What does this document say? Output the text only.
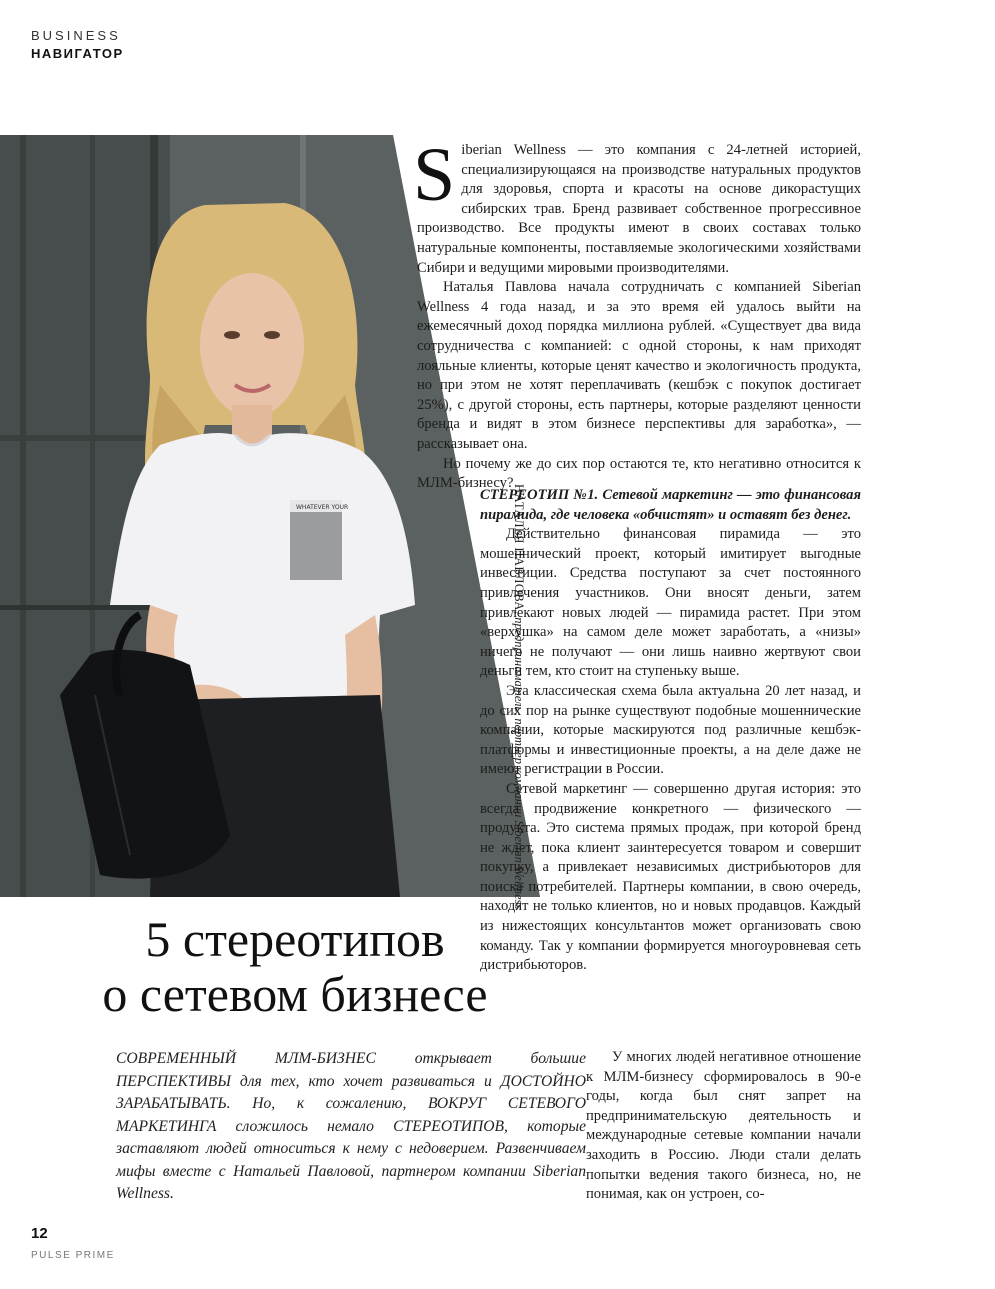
BUSINESS
НАВИГАТОР
WHATEVER YOUR	НАТАЛЬЯ ПАВЛОВА, предприниматель, партнер компании Siberian Wellness

Siberian Wellness — это компания с 24-летней историей, специализирующаяся на производстве натуральных продуктов для здоровья, спорта и красоты на основе дикорастущих сибирских трав. Бренд развивает собственное прогрессивное производство. Все продукты имеют в своих составах только натуральные компоненты, поставляемые экологическими хозяйствами Сибири и ведущими мировыми производителями.

Наталья Павлова начала сотрудничать с компанией Siberian Wellness 4 года назад, и за это время ей удалось выйти на ежемесячный доход порядка миллиона рублей. «Существует два вида сотрудничества с компанией: с одной стороны, к нам приходят лояльные клиенты, которые ценят качество и экологичность продукта, но при этом не хотят переплачивать (кешбэк с покупок достигает 25%), с другой стороны, есть партнеры, которые разделяют ценности бренда и видят в этом бизнесе перспективы для заработка», — рассказывает она.

Но почему же до сих пор остаются те, кто негативно относится к МЛМ-бизнесу?

СТЕРЕОТИП №1. Сетевой маркетинг — это финансовая пирамида, где человека «обчистят» и оставят без денег.

Действительно финансовая пирамида — это мошеннический проект, который имитирует выгодные инвестиции. Средства поступают за счет постоянного привлечения участников. Они вносят деньги, затем привлекают новых людей — пирамида растет. При этом «верхушка» на самом деле может заработать, а «низы» ничего не получают — они лишь наивно жертвуют свои деньги тем, кто стоит на ступеньку выше.

Эта классическая схема была актуальна 20 лет назад, и до сих пор на рынке существуют подобные мошеннические компании, которые маскируются под различные кешбэк-платформы и инвестиционные проекты, а на деле даже не имеют регистрации в России.

Сетевой маркетинг — совершенно другая история: это всегда продвижение конкретного — физического — продукта. Это система прямых продаж, при которой бренд не ждет, пока клиент заинтересуется товаром и совершит покупку, а привлекает независимых дистрибьюторов для поиска потребителей. Партнеры компании, в свою очередь, находят не только клиентов, но и новых продавцов. Каждый из нижестоящих консультантов может организовать свою команду. Так у компании формируется многоуровневая сеть дистрибьюторов.

У многих людей негативное отношение к МЛМ-бизнесу сформировалось в 90-е годы, когда был снят запрет на предпринимательскую деятельность и международные сетевые компании начали заходить в Россию. Люди стали делать попытки ведения такого бизнеса, но, не понимая, как он устроен, со-

5 стереотипов
о сетевом бизнесе
СОВРЕМЕННЫЙ МЛМ-БИЗНЕС открывает большие ПЕРСПЕКТИВЫ для тех, кто хочет развиваться и ДОСТОЙНО ЗАРАБАТЫВАТЬ. Но, к сожалению, ВОКРУГ СЕТЕВОГО МАРКЕТИНГА сложилось немало СТЕРЕОТИПОВ, которые заставляют людей относиться к нему с недоверием. Развенчиваем мифы вместе с Натальей Павловой, партнером компании Siberian Wellness.
12
PULSE PRIME
